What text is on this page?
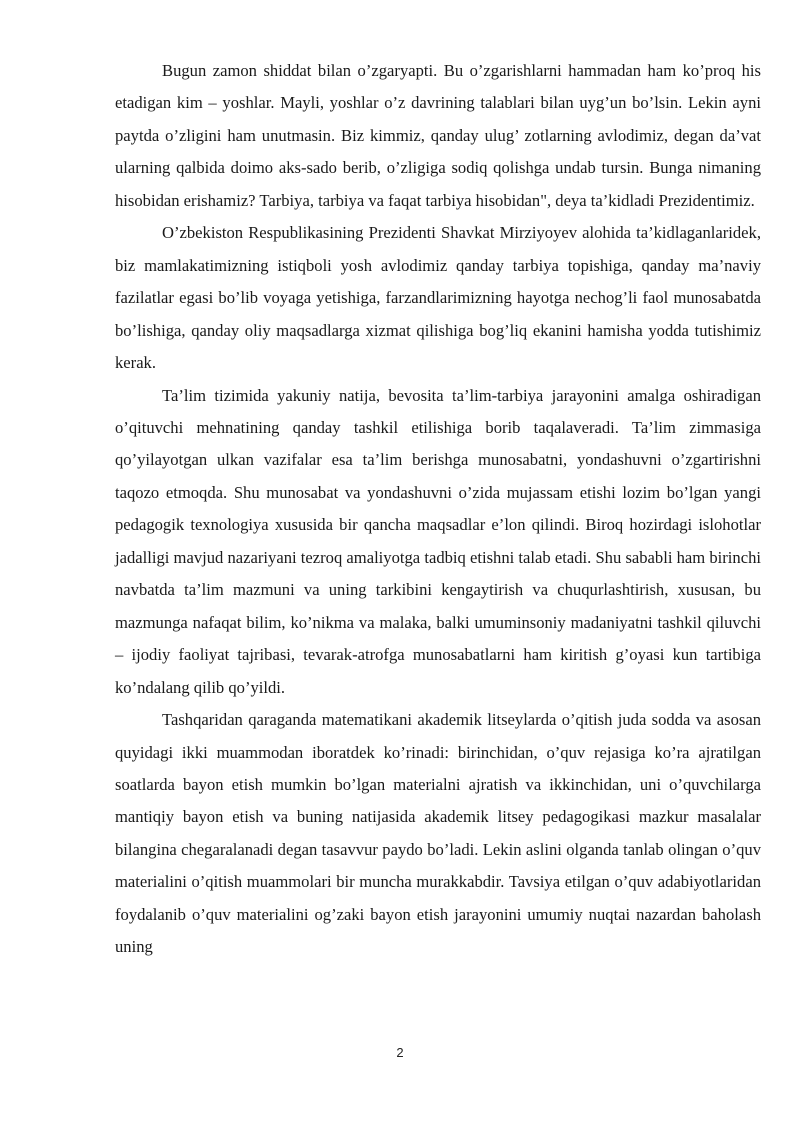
Bugun zamon shiddat bilan o’zgaryapti. Bu o’zgarishlarni hammadan ham ko’proq his etadigan kim – yoshlar. Mayli, yoshlar o’z davrining talablari bilan uyg’un bo’lsin. Lekin ayni paytda o’zligini ham unutmasin. Biz kimmiz, qanday ulug’ zotlarning avlodimiz, degan da’vat ularning qalbida doimo aks-sado berib, o’zligiga sodiq qolishga undab tursin. Bunga nimaning hisobidan erishamiz? Tarbiya, tarbiya va faqat tarbiya hisobidan", deya ta’kidladi Prezidentimiz.

O’zbekiston Respublikasining Prezidenti Shavkat Mirziyoyev alohida ta’kidlaganlaridek, biz mamlakatimizning istiqboli yosh avlodimiz qanday tarbiya topishiga, qanday ma’naviy fazilatlar egasi bo’lib voyaga yetishiga, farzandlarimizning hayotga nechog’li faol munosabatda bo’lishiga, qanday oliy maqsadlarga xizmat qilishiga bog’liq ekanini hamisha yodda tutishimiz kerak.

Ta’lim tizimida yakuniy natija, bevosita ta’lim-tarbiya jarayonini amalga oshiradigan o’qituvchi mehnatining qanday tashkil etilishiga borib taqalaveradi. Ta’lim zimmasiga qo’yilayotgan ulkan vazifalar esa ta’lim berishga munosabatni, yondashuvni o’zgartirishni taqozo etmoqda. Shu munosabat va yondashuvni o’zida mujassam etishi lozim bo’lgan yangi pedagogik texnologiya xususida bir qancha maqsadlar e’lon qilindi. Biroq hozirdagi islohotlar jadalligi mavjud nazariyani tezroq amaliyotga tadbiq etishni talab etadi. Shu sababli ham birinchi navbatda ta’lim mazmuni va uning tarkibini kengaytirish va chuqurlashtirish, xususan, bu mazmunga nafaqat bilim, ko’nikma va malaka, balki umuminsoniy madaniyatni tashkil qiluvchi – ijodiy faoliyat tajribasi, tevarak-atrofga munosabatlarni ham kiritish g’oyasi kun tartibiga ko’ndalang qilib qo’yildi.

Tashqaridan qaraganda matematikani akademik litseylarda o’qitish juda sodda va asosan quyidagi ikki muammodan iboratdek ko’rinadi: birinchidan, o’quv rejasiga ko’ra ajratilgan soatlarda bayon etish mumkin bo’lgan materialni ajratish va ikkinchidan, uni o’quvchilarga mantiqiy bayon etish va buning natijasida akademik litsey pedagogikasi mazkur masalalar bilangina chegaralanadi degan tasavvur paydo bo’ladi. Lekin aslini olganda tanlab olingan o’quv materialini o’qitish muammolari bir muncha murakkabdir. Tavsiya etilgan o’quv adabiyotlaridan foydalanib o’quv materialini og’zaki bayon etish jarayonini umumiy nuqtai nazardan baholash uning

2
